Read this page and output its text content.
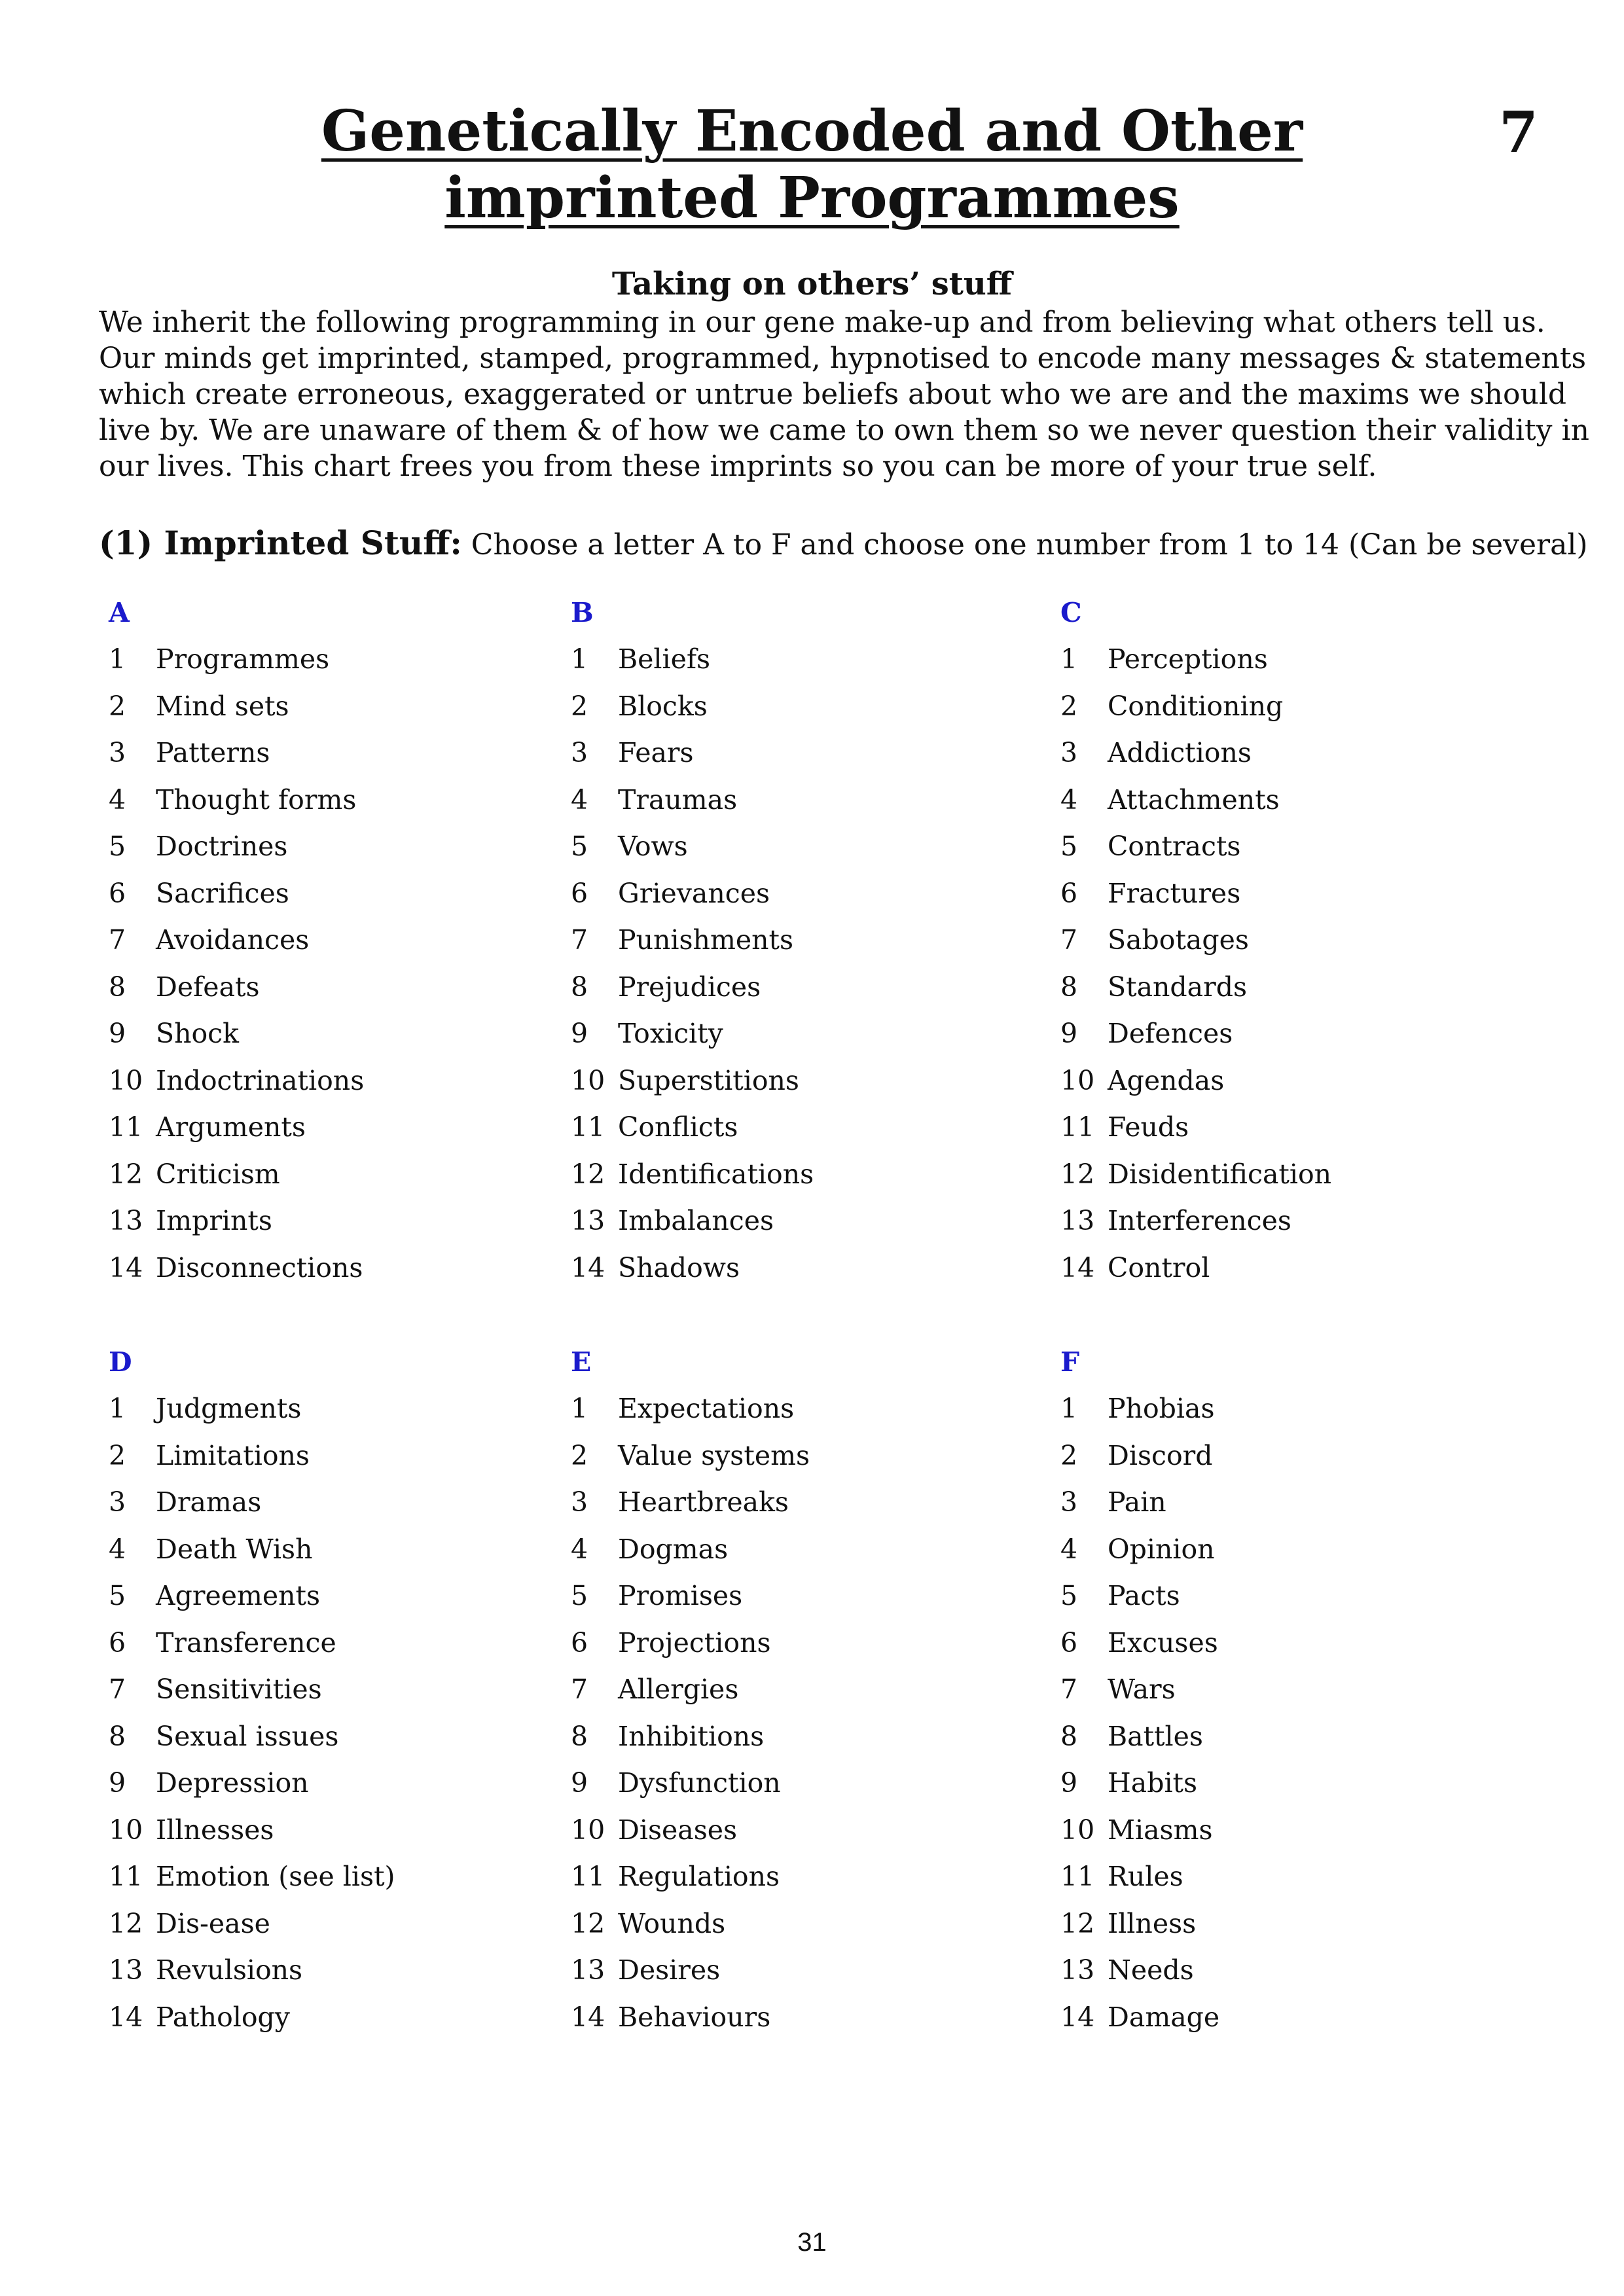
Genetically Encoded and Other
imprinted Programmes
7
Taking on others’ stuff

We inherit the following programming in our gene make-up and from believing what others tell us.

Our minds get imprinted, stamped, programmed, hypnotised to encode many messages & statements

which create erroneous, exaggerated or untrue beliefs about who we are and the maxims we should

live by. We are unaware of them & of how we came to own them so we never question their validity in

our lives. This chart frees you from these imprints so you can be more of your true self.

(1) Imprinted Stuff: Choose a letter A to F and choose one number from 1 to 14 (Can be several)
A
1 Programmes
2 Mind sets
3 Patterns
4 Thought forms
5 Doctrines
6 Sacrifices
7 Avoidances
8 Defeats
9 Shock
10 Indoctrinations
11 Arguments
12 Criticism
13 Imprints
14 Disconnections
B
1 Beliefs
2 Blocks
3 Fears
4 Traumas
5 Vows
6 Grievances
7 Punishments
8 Prejudices
9 Toxicity
10 Superstitions
11 Conflicts
12 Identifications
13 Imbalances
14 Shadows
C
1 Perceptions
2 Conditioning
3 Addictions
4 Attachments
5 Contracts
6 Fractures
7 Sabotages
8 Standards
9 Defences
10 Agendas
11 Feuds
12 Disidentification
13 Interferences
14 Control
D
1 Judgments
2 Limitations
3 Dramas
4 Death Wish
5 Agreements
6 Transference
7 Sensitivities
8 Sexual issues
9 Depression
10 Illnesses
11 Emotion (see list)
12 Dis-ease
13 Revulsions
14 Pathology
E
1 Expectations
2 Value systems
3 Heartbreaks
4 Dogmas
5 Promises
6 Projections
7 Allergies
8 Inhibitions
9 Dysfunction
10 Diseases
11 Regulations
12 Wounds
13 Desires
14 Behaviours
F
1 Phobias
2 Discord
3 Pain
4 Opinion
5 Pacts
6 Excuses
7 Wars
8 Battles
9 Habits
10 Miasms
11 Rules
12 Illness
13 Needs
14 Damage
31
